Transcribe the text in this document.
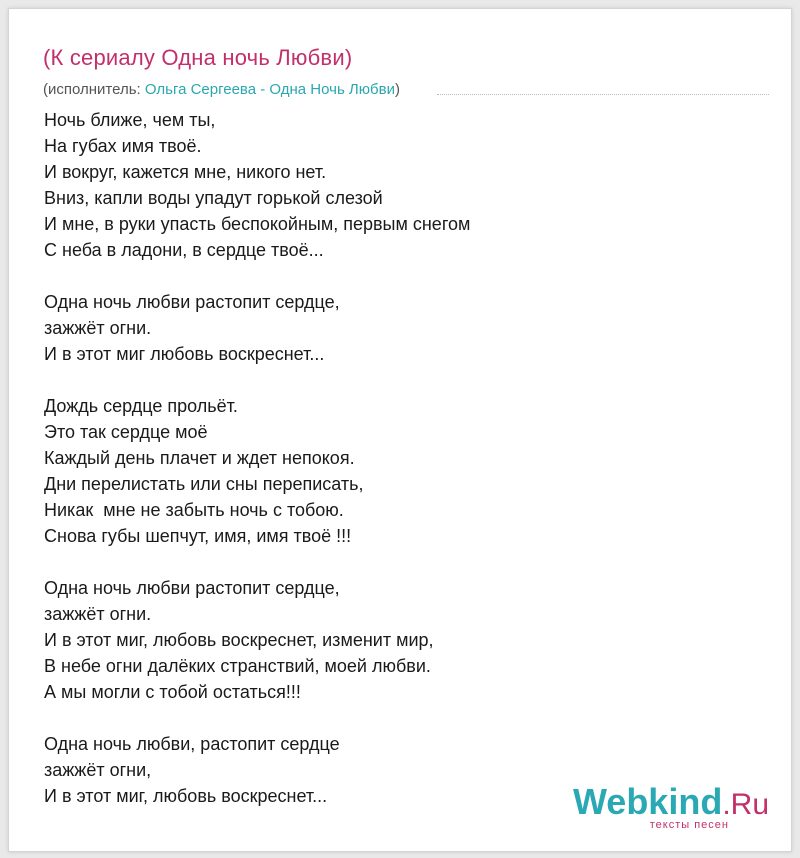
(К сериалу Одна ночь Любви)
(исполнитель: Ольга Сергеева - Одна Ночь Любви)
Ночь ближе, чем ты,
На губах имя твоё.
И вокруг, кажется мне, никого нет.
Вниз, капли воды упадут горькой слезой
И мне, в руки упасть беспокойным, первым снегом
С неба в ладони, в сердце твоё...
Одна ночь любви растопит сердце,
зажжёт огни.
И в этот миг любовь воскреснет...
Дождь сердце прольёт.
Это так сердце моё
Каждый день плачет и ждет непокоя.
Дни перелистать или сны переписать,
Никак  мне не забыть ночь с тобою.
Снова губы шепчут, имя, имя твоё !!!
Одна ночь любви растопит сердце,
зажжёт огни.
И в этот миг, любовь воскреснет, изменит мир,
В небе огни далёких странствий, моей любви.
А мы могли с тобой остаться!!!
Одна ночь любви, растопит сердце
зажжёт огни,
И в этот миг, любовь воскреснет...	Webkind.Ru
тексты песен
